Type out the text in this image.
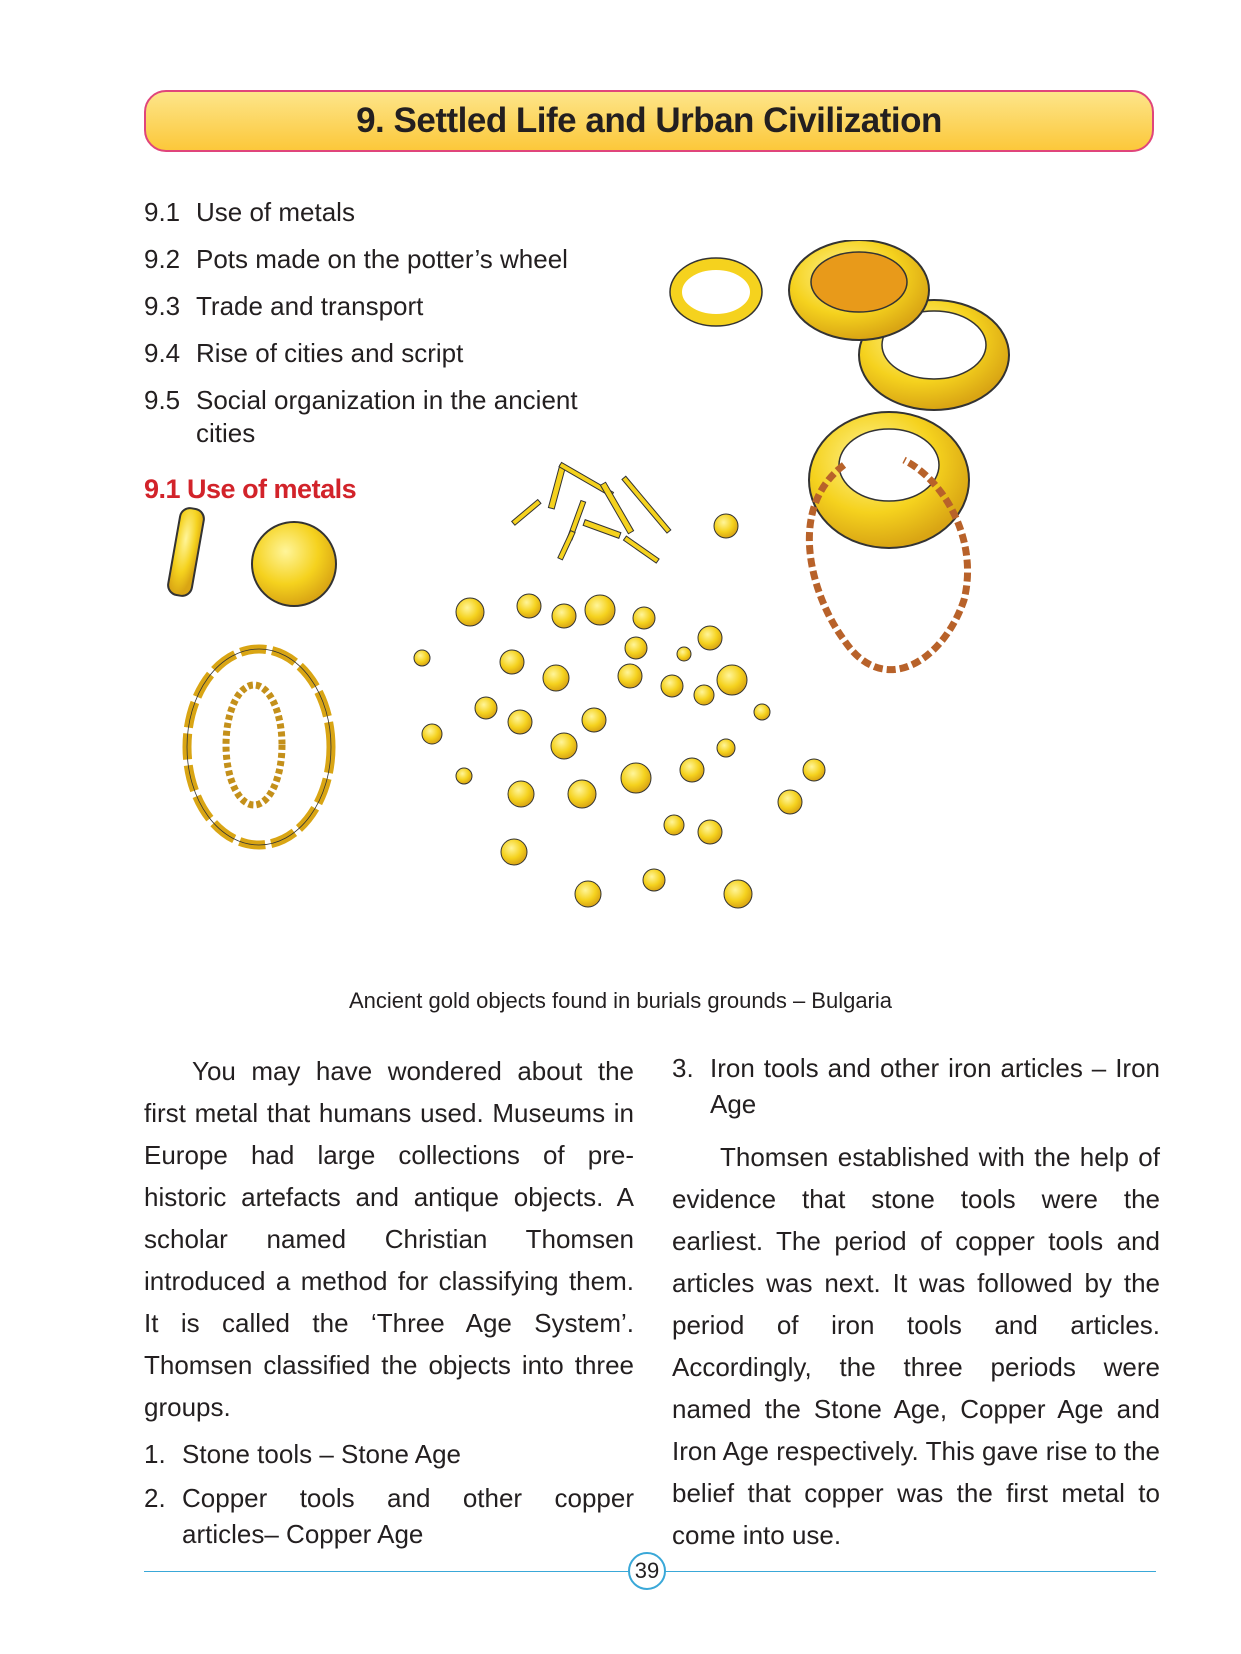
9. Settled Life and Urban Civilization
9.1 Use of metals
9.2 Pots made on the potter’s wheel
9.3 Trade and transport
9.4 Rise of cities and script
9.5 Social organization in the ancient cities
9.1 Use of metals
Ancient gold objects found in burials grounds – Bulgaria

You may have wondered about the first metal that humans used. Museums in Europe had large collections of pre-historic artefacts and antique objects. A scholar named Christian Thomsen introduced a method for classifying them. It is called the ‘Three Age System’. Thomsen classified the objects into three groups.

1. Stone tools – Stone Age
2. Copper tools and other copper articles– Copper Age
3. Iron tools and other iron articles – Iron Age

Thomsen established with the help of evidence that stone tools were the earliest. The period of copper tools and articles was next. It was followed by the period of iron tools and articles. Accordingly, the three periods were named the Stone Age, Copper Age and Iron Age respectively. This gave rise to the belief that copper was the first metal to come into use.

39
